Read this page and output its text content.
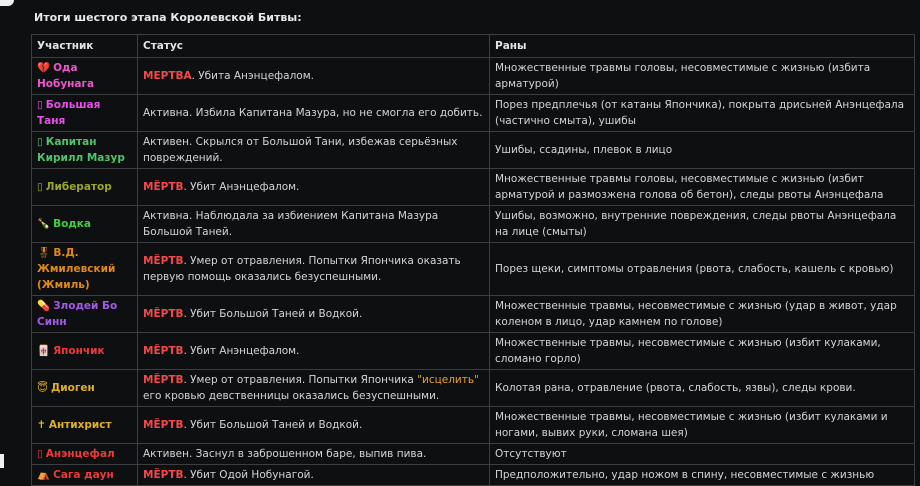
Итоги шестого этапа Королевской Битвы:
Участник	Статус	Раны
💔 Ода Нобунага	МЕРТВА. Убита Анэнцефалом.	Множественные травмы головы, несовместимые с жизнью (избита арматурой)
▯ Большая Таня	Активна. Избила Капитана Мазура, но не смогла его добить.	Порез предплечья (от катаны Япончика), покрыта дрисьней Анэнцефала (частично смыта), ушибы
▯ Капитан Кирилл Мазур	Активен. Скрылся от Большой Тани, избежав серьёзных повреждений.	Ушибы, ссадины, плевок в лицо
▯ Либератор	МЁРТВ. Убит Анэнцефалом.	Множественные травмы головы, несовместимые с жизнью (избит арматурой и размозжена голова об бетон), следы рвоты Анэнцефала
🍾 Водка	Активна. Наблюдала за избиением Капитана Мазура Большой Таней.	Ушибы, возможно, внутренние повреждения, следы рвоты Анэнцефала на лице (смыты)
🎖 В.Д. Жмилевский (Жмиль)	МЁРТВ. Умер от отравления. Попытки Япончика оказать первую помощь оказались безуспешными.	Порез щеки, симптомы отравления (рвота, слабость, кашель с кровью)
💊 Злодей Бо Синн	МЁРТВ. Убит Большой Таней и Водкой.	Множественные травмы, несовместимые с жизнью (удар в живот, удар коленом в лицо, удар камнем по голове)
🀄 Япончик	МЁРТВ. Убит Анэнцефалом.	Множественные травмы, несовместимые с жизнью (избит кулаками, сломано горло)
😇 Диоген	МЁРТВ. Умер от отравления. Попытки Япончика "исцелить" его кровью девственницы оказались безуспешными.	Колотая рана, отравление (рвота, слабость, язвы), следы крови.
✝ Антихрист	МЁРТВ. Убит Большой Таней и Водкой.	Множественные травмы, несовместимые с жизнью (избит кулаками и ногами, вывих руки, сломана шея)
▯ Анэнцефал	Активен. Заснул в заброшенном баре, выпив пива.	Отсутствуют
⛺ Сага даун	МЁРТВ. Убит Одой Нобунагой.	Предположительно, удар ножом в спину, несовместимые с жизнью
